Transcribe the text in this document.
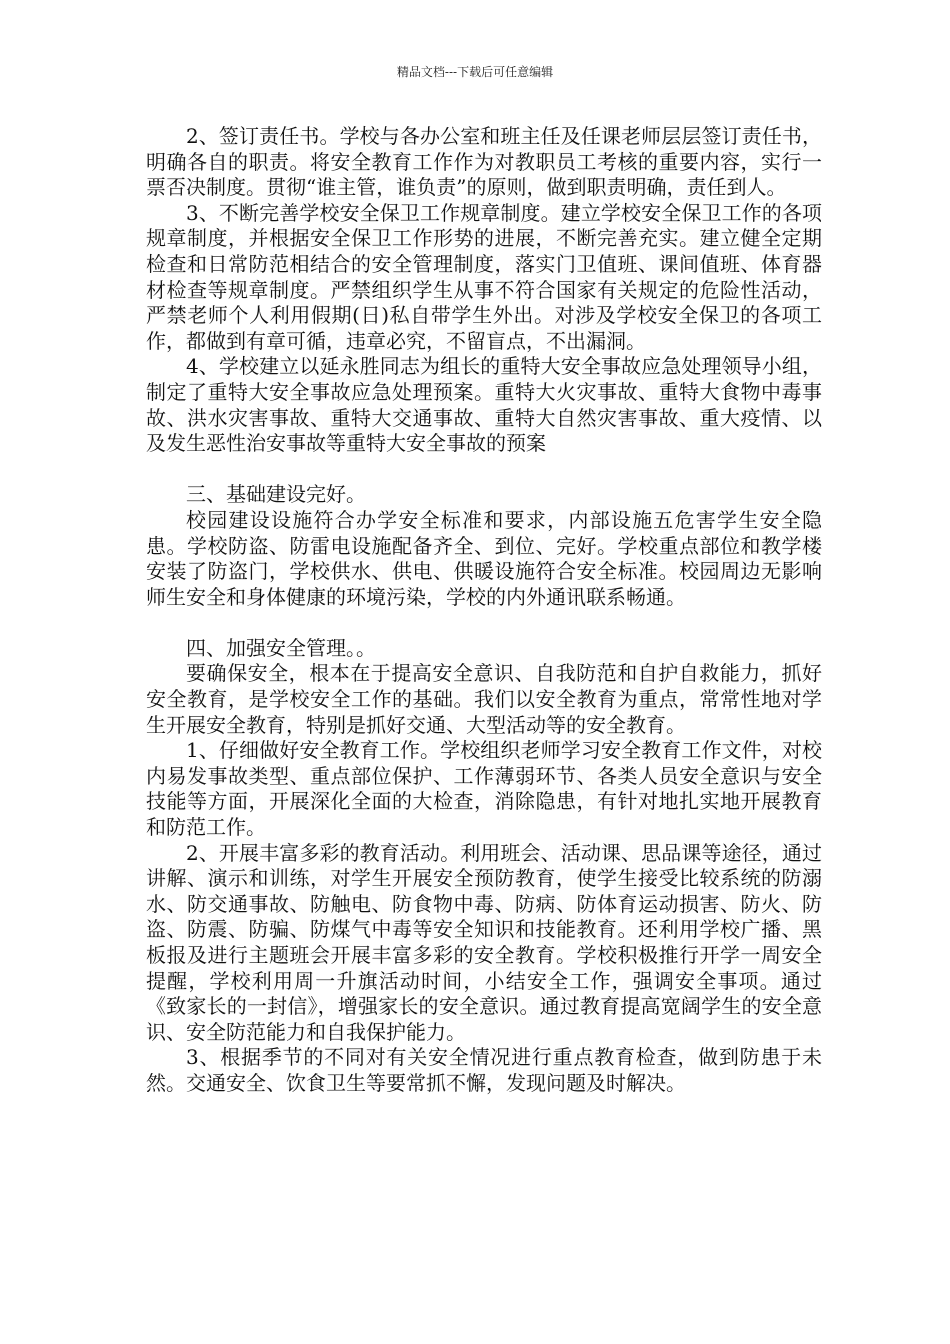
精品文档---下载后可任意编辑

2、签订责任书。学校与各办公室和班主任及任课老师层层签订责任书，明确各自的职责。将安全教育工作作为对教职员工考核的重要内容，实行一票否决制度。贯彻“谁主管，谁负责”的原则，做到职责明确，责任到人。

3、不断完善学校安全保卫工作规章制度。建立学校安全保卫工作的各项规章制度，并根据安全保卫工作形势的进展，不断完善充实。建立健全定期检查和日常防范相结合的安全管理制度，落实门卫值班、课间值班、体育器材检查等规章制度。严禁组织学生从事不符合国家有关规定的危险性活动，严禁老师个人利用假期(日)私自带学生外出。对涉及学校安全保卫的各项工作，都做到有章可循，违章必究，不留盲点，不出漏洞。

4、学校建立以延永胜同志为组长的重特大安全事故应急处理领导小组，制定了重特大安全事故应急处理预案。重特大火灾事故、重特大食物中毒事故、洪水灾害事故、重特大交通事故、重特大自然灾害事故、重大疫情、以及发生恶性治安事故等重特大安全事故的预案

三、基础建设完好。

校园建设设施符合办学安全标准和要求，内部设施五危害学生安全隐患。学校防盗、防雷电设施配备齐全、到位、完好。学校重点部位和教学楼安装了防盗门，学校供水、供电、供暖设施符合安全标准。校园周边无影响师生安全和身体健康的环境污染，学校的内外通讯联系畅通。

四、加强安全管理。。

要确保安全，根本在于提高安全意识、自我防范和自护自救能力，抓好安全教育，是学校安全工作的基础。我们以安全教育为重点，常常性地对学生开展安全教育，特别是抓好交通、大型活动等的安全教育。

1、仔细做好安全教育工作。学校组织老师学习安全教育工作文件，对校内易发事故类型、重点部位保护、工作薄弱环节、各类人员安全意识与安全技能等方面，开展深化全面的大检查，消除隐患，有针对地扎实地开展教育和防范工作。

2、开展丰富多彩的教育活动。利用班会、活动课、思品课等途径，通过讲解、演示和训练，对学生开展安全预防教育，使学生接受比较系统的防溺水、防交通事故、防触电、防食物中毒、防病、防体育运动损害、防火、防盗、防震、防骗、防煤气中毒等安全知识和技能教育。还利用学校广播、黑板报及进行主题班会开展丰富多彩的安全教育。学校积极推行开学一周安全提醒，学校利用周一升旗活动时间，小结安全工作，强调安全事项。通过《致家长的一封信》，增强家长的安全意识。通过教育提高宽阔学生的安全意识、安全防范能力和自我保护能力。

3、根据季节的不同对有关安全情况进行重点教育检查，做到防患于未然。交通安全、饮食卫生等要常抓不懈，发现问题及时解决。
